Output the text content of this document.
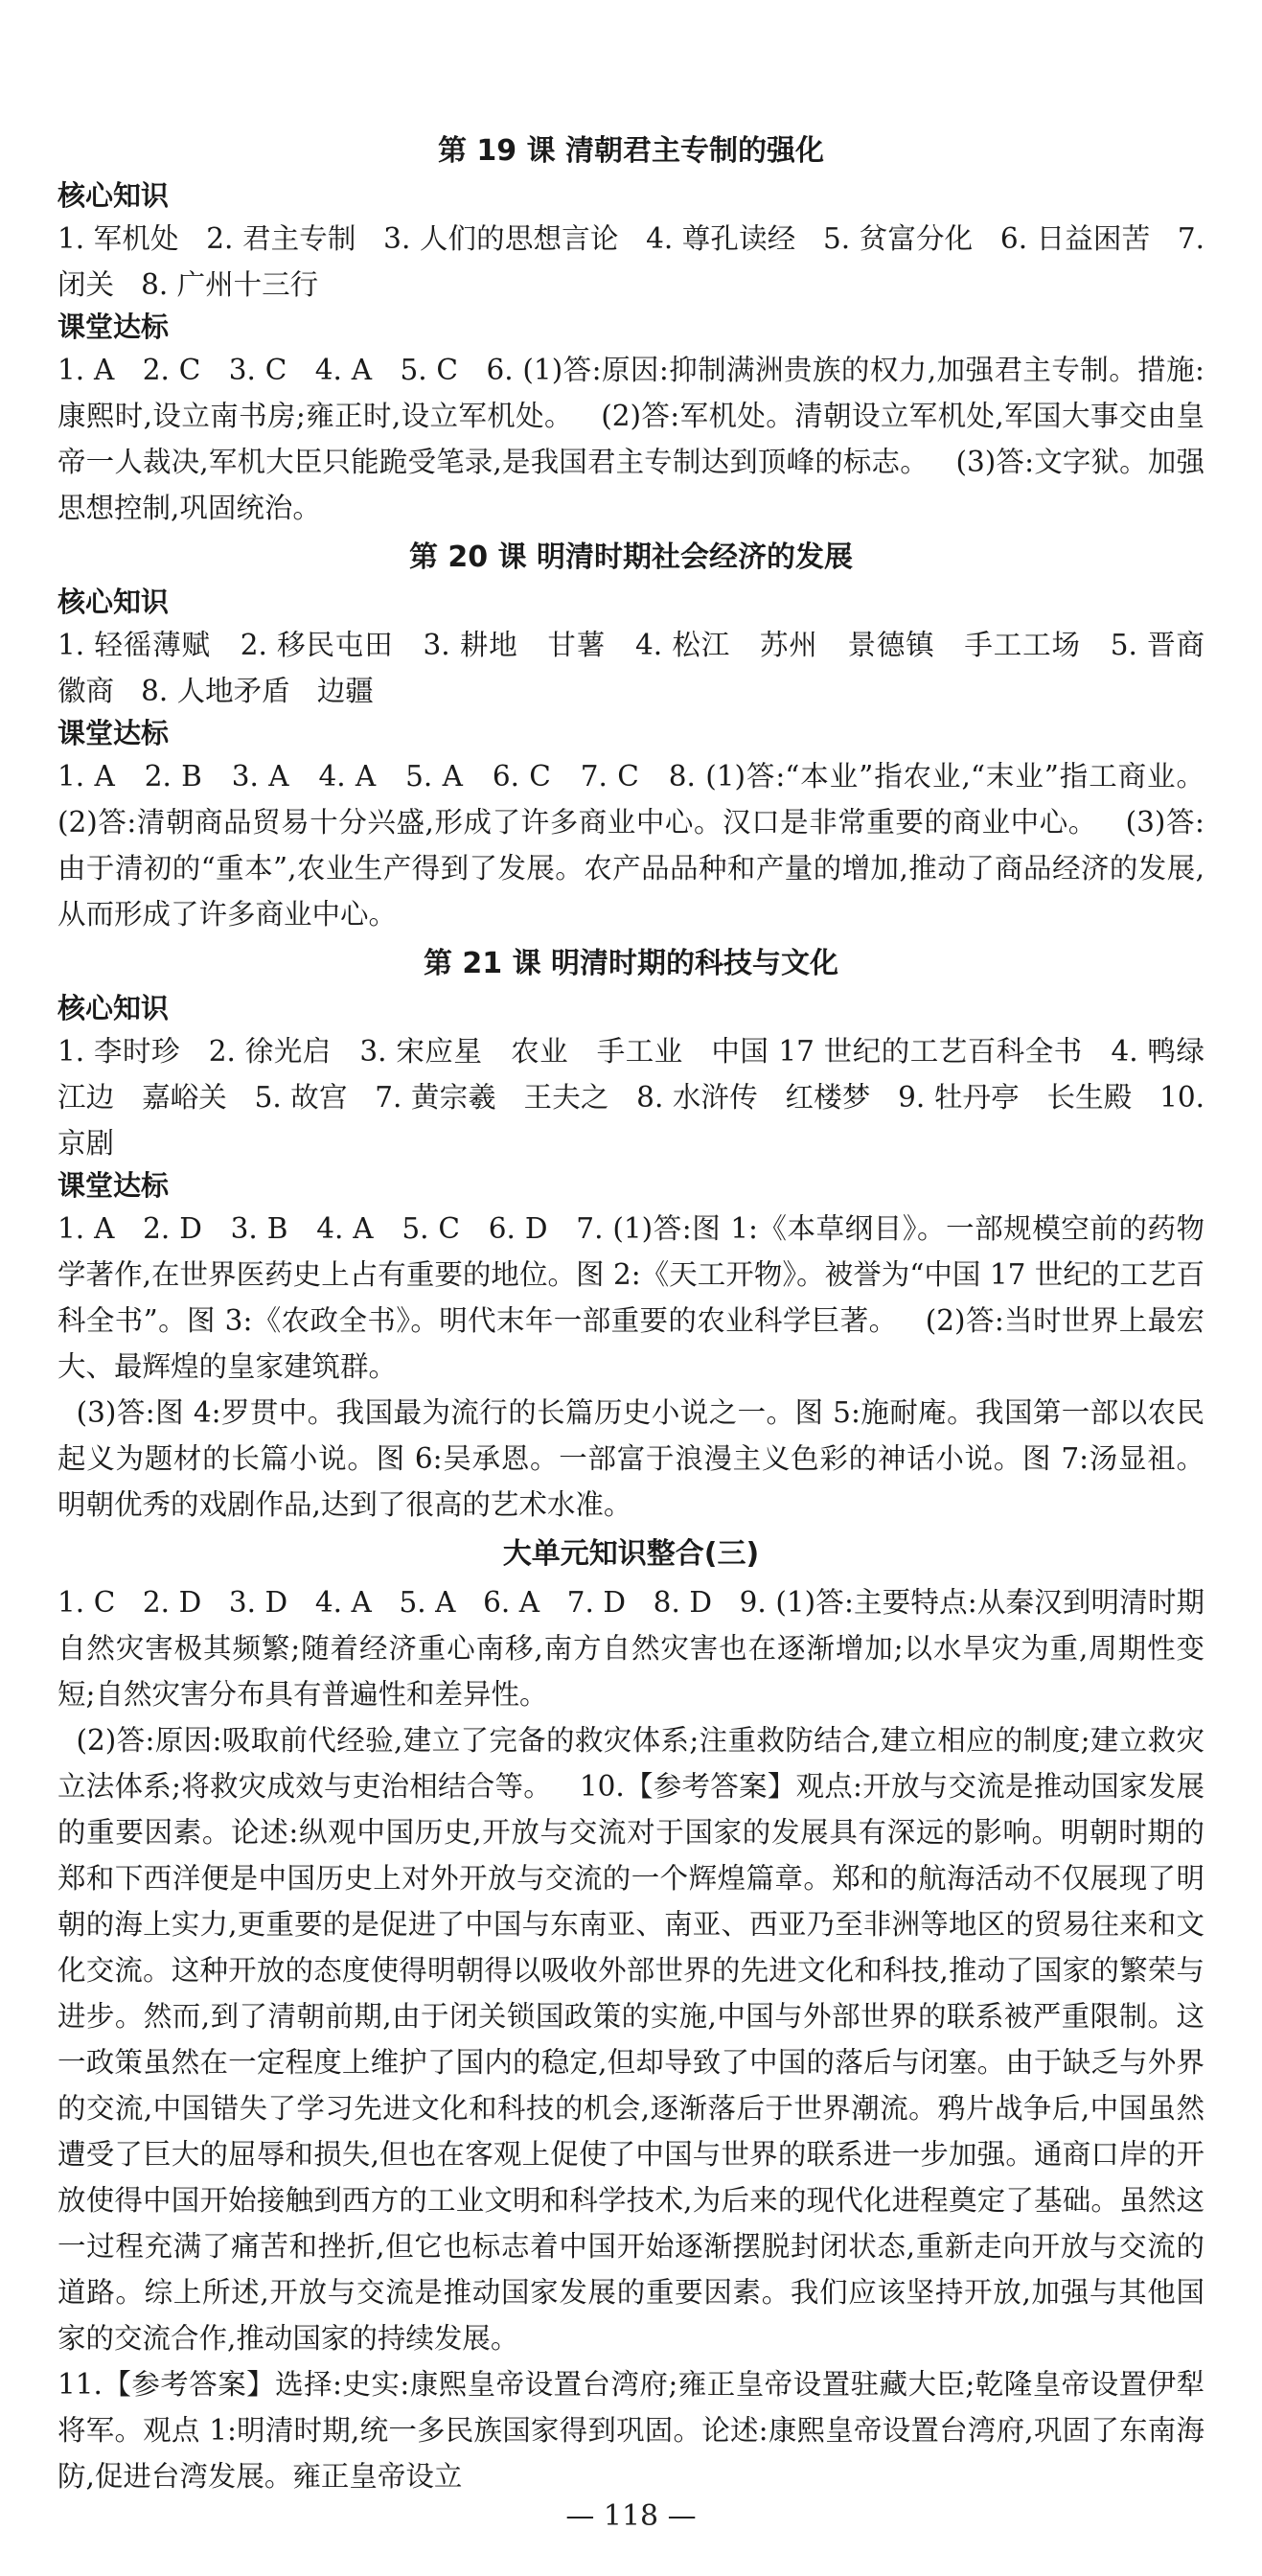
第 19 课 清朝君主专制的强化
核心知识

1. 军机处   2. 君主专制   3. 人们的思想言论   4. 尊孔读经   5. 贫富分化   6. 日益困苦   7. 闭关   8. 广州十三行

课堂达标

1. A   2. C   3. C   4. A   5. C   6. (1)答:原因:抑制满洲贵族的权力,加强君主专制。措施:康熙时,设立南书房;雍正时,设立军机处。   (2)答:军机处。清朝设立军机处,军国大事交由皇帝一人裁决,军机大臣只能跪受笔录,是我国君主专制达到顶峰的标志。   (3)答:文字狱。加强思想控制,巩固统治。

第 20 课 明清时期社会经济的发展
核心知识

1. 轻徭薄赋   2. 移民屯田   3. 耕地   甘薯   4. 松江   苏州   景德镇   手工工场   5. 晋商   徽商   8. 人地矛盾   边疆

课堂达标

1. A   2. B   3. A   4. A   5. A   6. C   7. C   8. (1)答:“本业”指农业,“末业”指工商业。   (2)答:清朝商品贸易十分兴盛,形成了许多商业中心。汉口是非常重要的商业中心。   (3)答:由于清初的“重本”,农业生产得到了发展。农产品品种和产量的增加,推动了商品经济的发展,从而形成了许多商业中心。

第 21 课 明清时期的科技与文化
核心知识

1. 李时珍   2. 徐光启   3. 宋应星   农业   手工业   中国 17 世纪的工艺百科全书   4. 鸭绿江边   嘉峪关   5. 故宫   7. 黄宗羲   王夫之   8. 水浒传   红楼梦   9. 牡丹亭   长生殿   10. 京剧

课堂达标

1. A   2. D   3. B   4. A   5. C   6. D   7. (1)答:图 1:《本草纲目》。一部规模空前的药物学著作,在世界医药史上占有重要的地位。图 2:《天工开物》。被誉为“中国 17 世纪的工艺百科全书”。图 3:《农政全书》。明代末年一部重要的农业科学巨著。   (2)答:当时世界上最宏大、最辉煌的皇家建筑群。

(3)答:图 4:罗贯中。我国最为流行的长篇历史小说之一。图 5:施耐庵。我国第一部以农民起义为题材的长篇小说。图 6:吴承恩。一部富于浪漫主义色彩的神话小说。图 7:汤显祖。明朝优秀的戏剧作品,达到了很高的艺术水准。

大单元知识整合(三)

1. C   2. D   3. D   4. A   5. A   6. A   7. D   8. D   9. (1)答:主要特点:从秦汉到明清时期自然灾害极其频繁;随着经济重心南移,南方自然灾害也在逐渐增加;以水旱灾为重,周期性变短;自然灾害分布具有普遍性和差异性。

(2)答:原因:吸取前代经验,建立了完备的救灾体系;注重救防结合,建立相应的制度;建立救灾立法体系;将救灾成效与吏治相结合等。   10.【参考答案】观点:开放与交流是推动国家发展的重要因素。论述:纵观中国历史,开放与交流对于国家的发展具有深远的影响。明朝时期的郑和下西洋便是中国历史上对外开放与交流的一个辉煌篇章。郑和的航海活动不仅展现了明朝的海上实力,更重要的是促进了中国与东南亚、南亚、西亚乃至非洲等地区的贸易往来和文化交流。这种开放的态度使得明朝得以吸收外部世界的先进文化和科技,推动了国家的繁荣与进步。然而,到了清朝前期,由于闭关锁国政策的实施,中国与外部世界的联系被严重限制。这一政策虽然在一定程度上维护了国内的稳定,但却导致了中国的落后与闭塞。由于缺乏与外界的交流,中国错失了学习先进文化和科技的机会,逐渐落后于世界潮流。鸦片战争后,中国虽然遭受了巨大的屈辱和损失,但也在客观上促使了中国与世界的联系进一步加强。通商口岸的开放使得中国开始接触到西方的工业文明和科学技术,为后来的现代化进程奠定了基础。虽然这一过程充满了痛苦和挫折,但它也标志着中国开始逐渐摆脱封闭状态,重新走向开放与交流的道路。综上所述,开放与交流是推动国家发展的重要因素。我们应该坚持开放,加强与其他国家的交流合作,推动国家的持续发展。

11.【参考答案】选择:史实:康熙皇帝设置台湾府;雍正皇帝设置驻藏大臣;乾隆皇帝设置伊犁将军。观点 1:明清时期,统一多民族国家得到巩固。论述:康熙皇帝设置台湾府,巩固了东南海防,促进台湾发展。雍正皇帝设立

— 118 —
